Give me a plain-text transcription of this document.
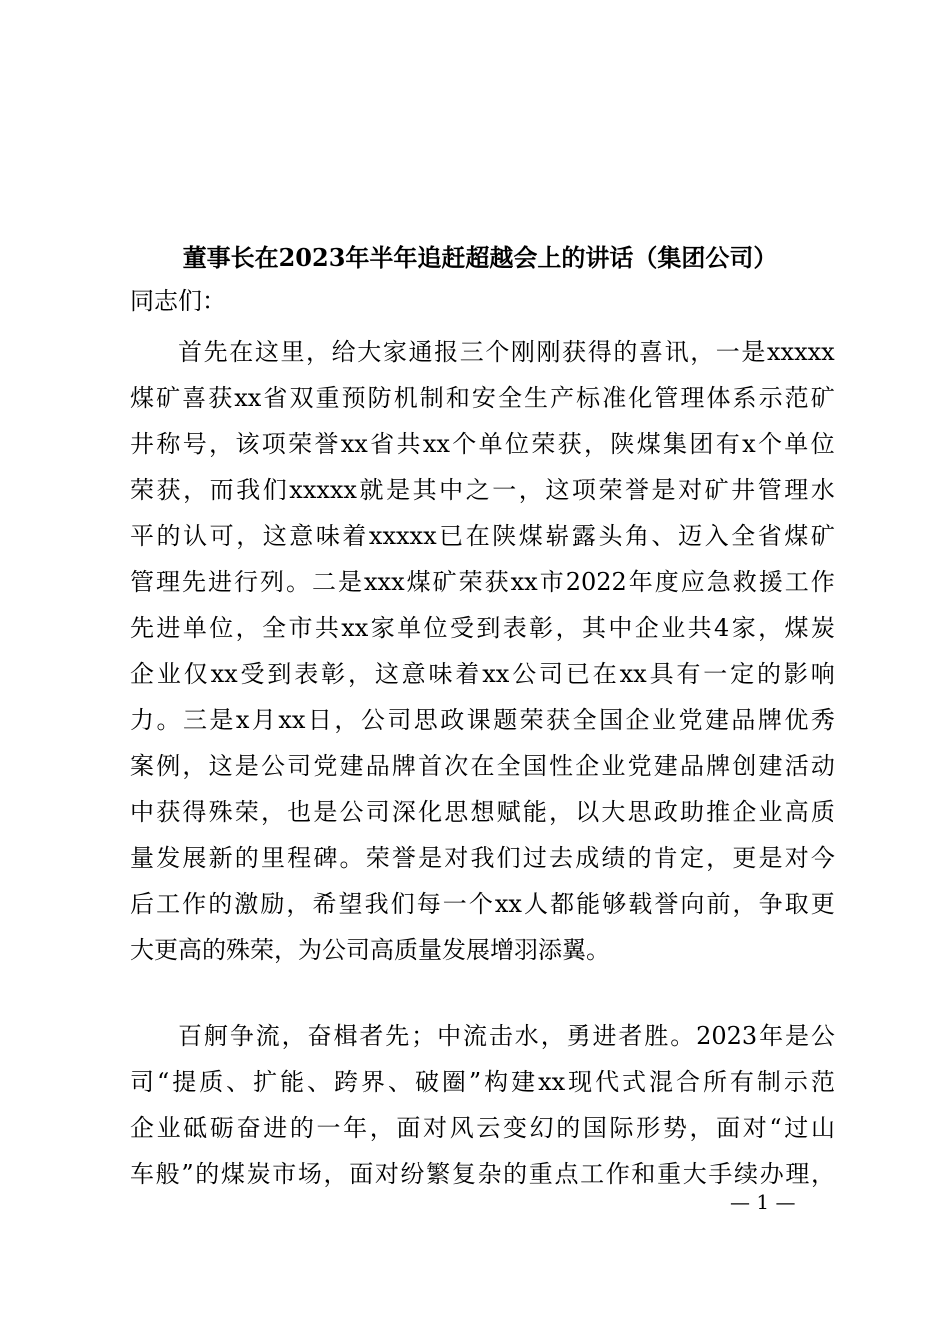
董事长在2023年半年追赶超越会上的讲话（集团公司）
同志们：
首 先 在 这 里 ， 给 大 家 通 报 三 个 刚 刚 获 得 的 喜 讯 ， 一 是 xxxxx
煤 矿 喜 获 xx 省 双 重 预 防 机 制 和 安 全 生 产 标 准 化 管 理 体 系 示 范 矿
井 称 号 ， 该 项 荣 誉 xx 省 共 xx 个 单 位 荣 获 ， 陕 煤 集 团 有 x 个 单 位
荣 获 ， 而 我 们 xxxxx 就 是 其 中 之 一 ， 这 项 荣 誉 是 对 矿 井 管 理 水
平 的 认 可 ， 这 意 味 着 xxxxx 已 在 陕 煤 崭 露 头 角 、 迈 入 全 省 煤 矿
管 理 先 进 行 列 。 二 是 xxx 煤 矿 荣 获 xx 市 2022 年 度 应 急 救 援 工 作
先 进 单 位 ， 全 市 共 xx 家 单 位 受 到 表 彰 ， 其 中 企 业 共 4 家 ， 煤 炭
企 业 仅 xx 受 到 表 彰 ， 这 意 味 着 xx 公 司 已 在 xx 具 有 一 定 的 影 响
力 。 三 是 x 月 xx 日 ， 公 司 思 政 课 题 荣 获 全 国 企 业 党 建 品 牌 优 秀
案 例 ， 这 是 公 司 党 建 品 牌 首 次 在 全 国 性 企 业 党 建 品 牌 创 建 活 动
中 获 得 殊 荣 ， 也 是 公 司 深 化 思 想 赋 能 ， 以 大 思 政 助 推 企 业 高 质
量 发 展 新 的 里 程 碑 。 荣 誉 是 对 我 们 过 去 成 绩 的 肯 定 ， 更 是 对 今
后 工 作 的 激 励 ， 希 望 我 们 每 一 个 xx 人 都 能 够 载 誉 向 前 ， 争 取 更
大更高的殊荣，为公司高质量发展增羽添翼。
百 舸 争 流 ， 奋 楫 者 先 ； 中 流 击 水 ， 勇 进 者 胜 。 2023 年 是 公
司 “ 提 质 、 扩 能 、 跨 界 、 破 圈 ” 构 建 xx 现 代 式 混 合 所 有 制 示 范
企 业 砥 砺 奋 进 的 一 年 ， 面 对 风 云 变 幻 的 国 际 形 势 ， 面 对 “ 过 山
车 般 ” 的 煤 炭 市 场 ， 面 对 纷 繁 复 杂 的 重 点 工 作 和 重 大 手 续 办 理 ，
— 1 —
